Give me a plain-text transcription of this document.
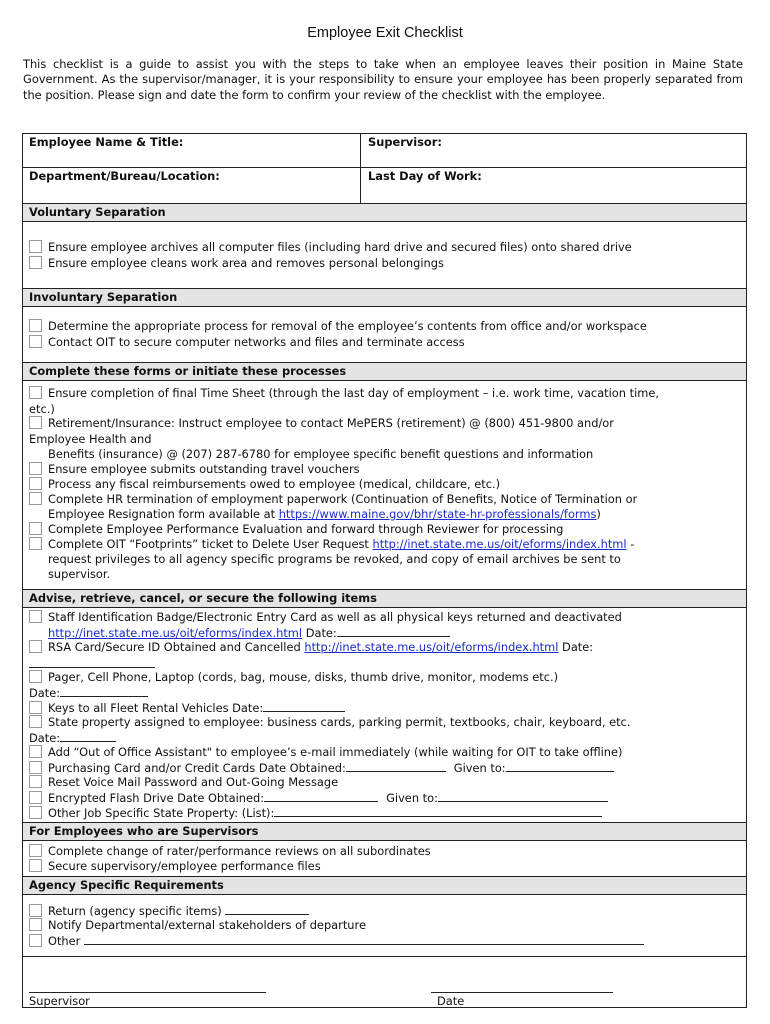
Employee Exit Checklist
This checklist is a guide to assist you with the steps to take when an employee leaves their position in Maine State Government. As the supervisor/manager, it is your responsibility to ensure your employee has been properly separated from the position. Please sign and date the form to confirm your review of the checklist with the employee.
Employee Name & Title:	Supervisor:
Department/Bureau/Location:	Last Day of Work:
Voluntary Separation
Ensure employee archives all computer files (including hard drive and secured files) onto shared drive
Ensure employee cleans work area and removes personal belongings
Involuntary Separation
Determine the appropriate process for removal of the employee’s contents from office and/or workspace
Contact OIT to secure computer networks and files and terminate access
Complete these forms or initiate these processes
Ensure completion of final Time Sheet (through the last day of employment – i.e. work time, vacation time,
etc.)
Retirement/Insurance: Instruct employee to contact MePERS (retirement) @ (800) 451-9800 and/or
Employee Health and
Benefits (insurance) @ (207) 287-6780 for employee specific benefit questions and information
Ensure employee submits outstanding travel vouchers
Process any fiscal reimbursements owed to employee (medical, childcare, etc.)
Complete HR termination of employment paperwork (Continuation of Benefits, Notice of Termination or
Employee Resignation form available at https://www.maine.gov/bhr/state-hr-professionals/forms)
Complete Employee Performance Evaluation and forward through Reviewer for processing
Complete OIT “Footprints” ticket to Delete User Request http://inet.state.me.us/oit/eforms/index.html -
request privileges to all agency specific programs be revoked, and copy of email archives be sent to
supervisor.
Advise, retrieve, cancel, or secure the following items
Staff Identification Badge/Electronic Entry Card as well as all physical keys returned and deactivated
http://inet.state.me.us/oit/eforms/index.html Date:
RSA Card/Secure ID Obtained and Cancelled http://inet.state.me.us/oit/eforms/index.html Date:
Pager, Cell Phone, Laptop (cords, bag, mouse, disks, thumb drive, monitor, modems etc.)
Date:
Keys to all Fleet Rental Vehicles Date:
State property assigned to employee: business cards, parking permit, textbooks, chair, keyboard, etc.
Date:
Add “Out of Office Assistant" to employee’s e-mail immediately (while waiting for OIT to take offline)
Purchasing Card and/or Credit Cards Date Obtained:	Given to:
Reset Voice Mail Password and Out-Going Message
Encrypted Flash Drive Date Obtained:	Given to:
Other Job Specific State Property: (List):
For Employees who are Supervisors
Complete change of rater/performance reviews on all subordinates
Secure supervisory/employee performance files
Agency Specific Requirements
Return (agency specific items)
Notify Departmental/external stakeholders of departure
Other
Supervisor	Date
